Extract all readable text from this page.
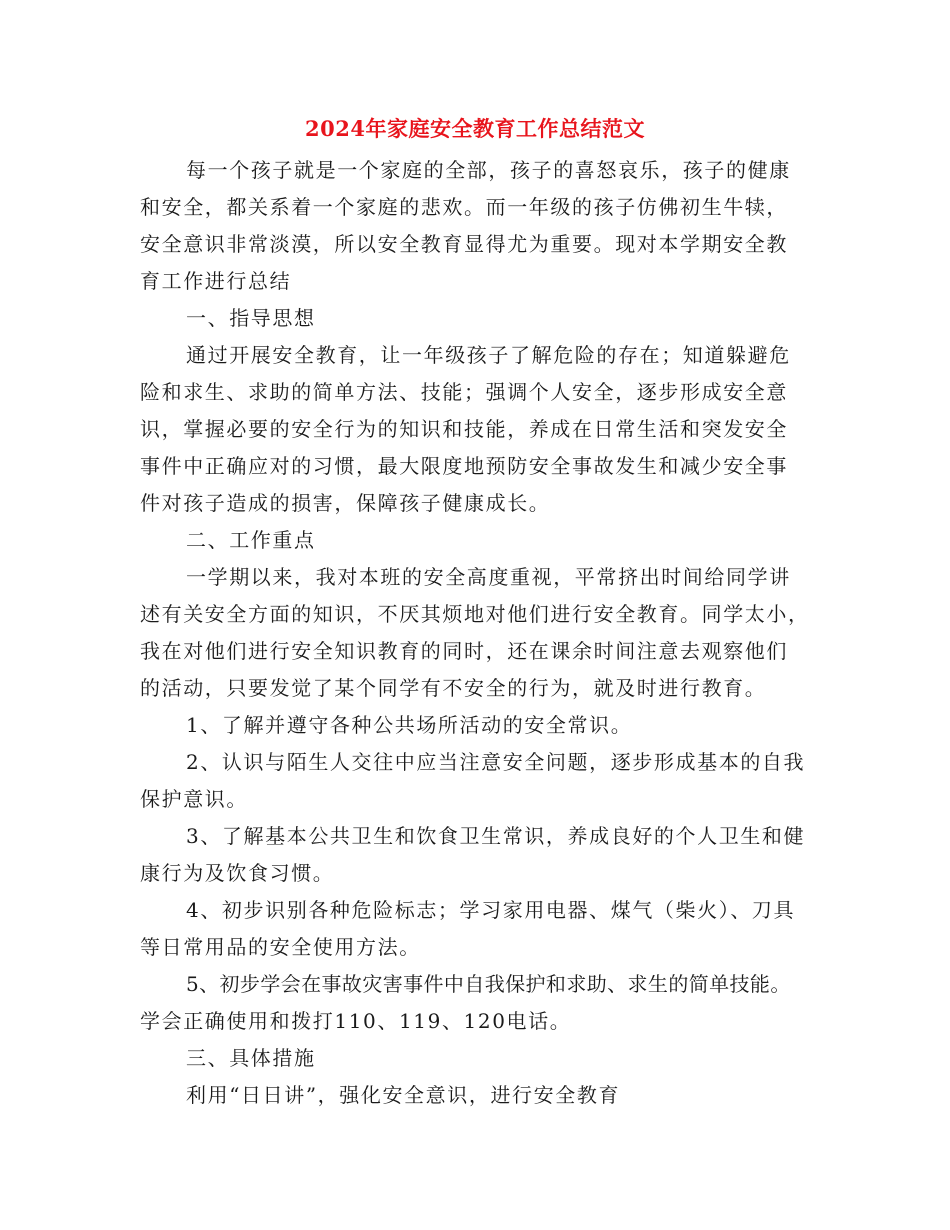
2024年家庭安全教育工作总结范文
每一个孩子就是一个家庭的全部，孩子的喜怒哀乐，孩子的健康
和安全，都关系着一个家庭的悲欢。而一年级的孩子仿佛初生牛犊，
安全意识非常淡漠，所以安全教育显得尤为重要。现对本学期安全教
育工作进行总结
一、指导思想
通过开展安全教育，让一年级孩子了解危险的存在；知道躲避危
险和求生、求助的简单方法、技能；强调个人安全，逐步形成安全意
识，掌握必要的安全行为的知识和技能，养成在日常生活和突发安全
事件中正确应对的习惯，最大限度地预防安全事故发生和减少安全事
件对孩子造成的损害，保障孩子健康成长。
二、工作重点
一学期以来，我对本班的安全高度重视，平常挤出时间给同学讲
述有关安全方面的知识，不厌其烦地对他们进行安全教育。同学太小，
我在对他们进行安全知识教育的同时，还在课余时间注意去观察他们
的活动，只要发觉了某个同学有不安全的行为，就及时进行教育。
1、了解并遵守各种公共场所活动的安全常识。
2、认识与陌生人交往中应当注意安全问题，逐步形成基本的自我
保护意识。
3、了解基本公共卫生和饮食卫生常识，养成良好的个人卫生和健
康行为及饮食习惯。
4、初步识别各种危险标志；学习家用电器、煤气（柴火）、刀具
等日常用品的安全使用方法。
5、初步学会在事故灾害事件中自我保护和求助、求生的简单技能。
学会正确使用和拨打110、119、120电话。
三、具体措施
利用“日日讲”，强化安全意识，进行安全教育
